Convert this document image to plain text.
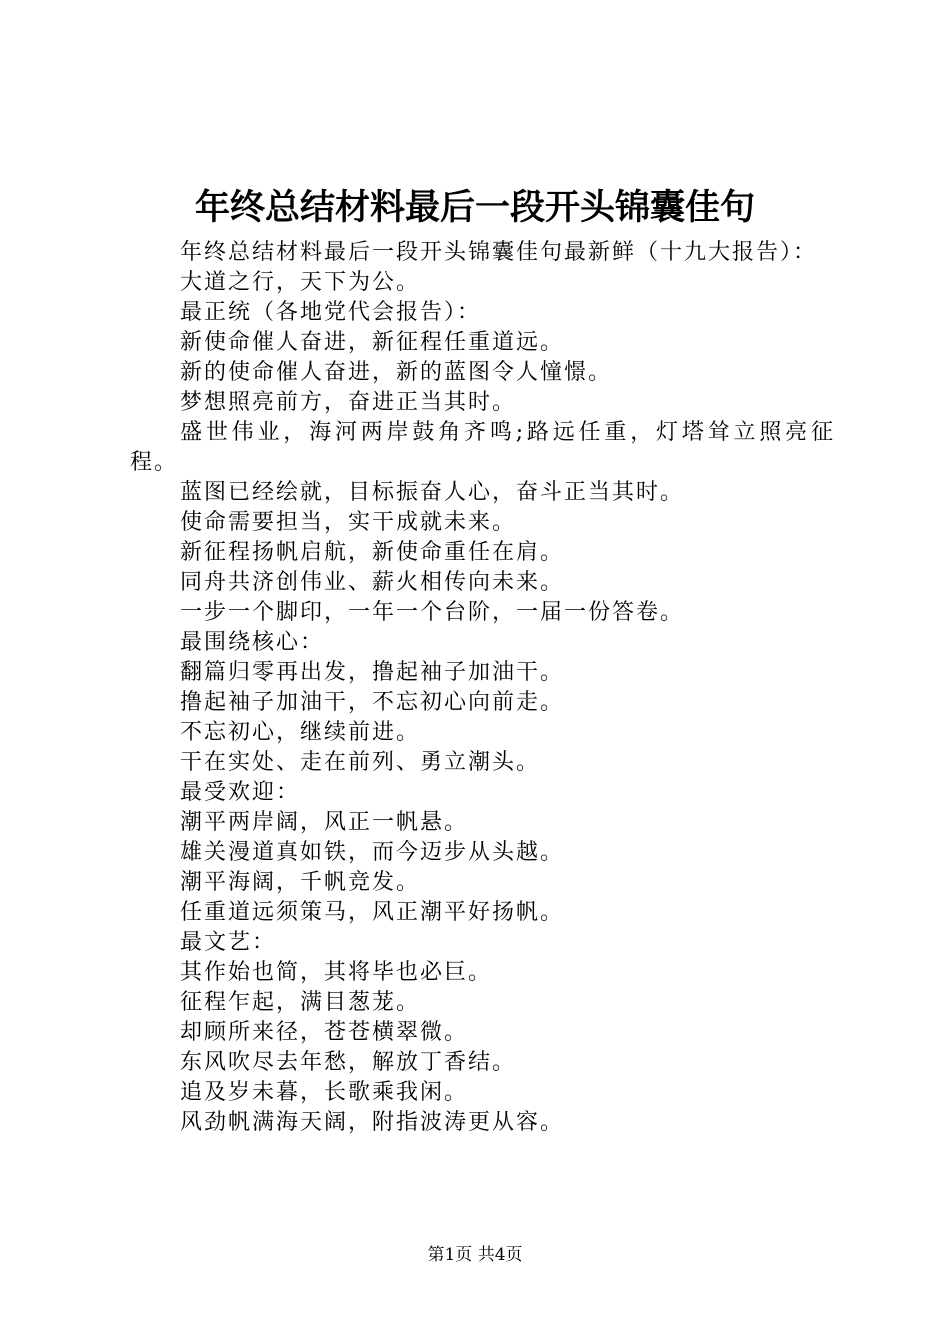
年终总结材料最后一段开头锦囊佳句

年终总结材料最后一段开头锦囊佳句最新鲜（十九大报告）：

大道之行，天下为公。

最正统（各地党代会报告）：

新使命催人奋进，新征程任重道远。

新的使命催人奋进，新的蓝图令人憧憬。

梦想照亮前方，奋进正当其时。

盛世伟业，海河两岸鼓角齐鸣;路远任重，灯塔耸立照亮征程。

蓝图已经绘就，目标振奋人心，奋斗正当其时。

使命需要担当，实干成就未来。

新征程扬帆启航，新使命重任在肩。

同舟共济创伟业、薪火相传向未来。

一步一个脚印，一年一个台阶，一届一份答卷。

最围绕核心：

翻篇归零再出发，撸起袖子加油干。

撸起袖子加油干，不忘初心向前走。

不忘初心，继续前进。

干在实处、走在前列、勇立潮头。

最受欢迎：

潮平两岸阔，风正一帆悬。

雄关漫道真如铁，而今迈步从头越。

潮平海阔，千帆竞发。

任重道远须策马，风正潮平好扬帆。

最文艺：

其作始也简，其将毕也必巨。

征程乍起，满目葱茏。

却顾所来径，苍苍横翠微。

东风吹尽去年愁，解放丁香结。

追及岁未暮，长歌乘我闲。

风劲帆满海天阔，附指波涛更从容。

第1页 共4页
